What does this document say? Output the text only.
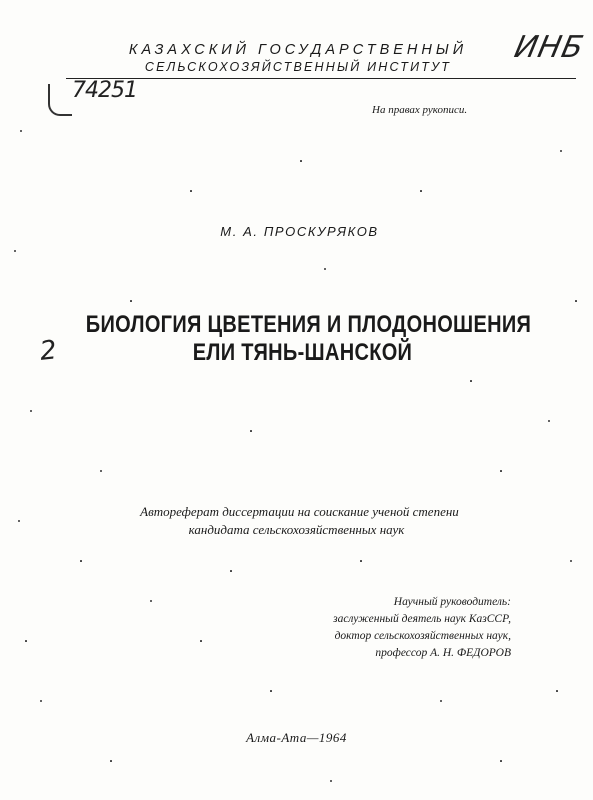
КАЗАХСКИЙ ГОСУДАРСТВЕННЫЙ
СЕЛЬСКОХОЗЯЙСТВЕННЫЙ ИНСТИТУТ
ИНБ
74251
На правах рукописи.
М. А. ПРОСКУРЯКОВ
2
БИОЛОГИЯ ЦВЕТЕНИЯ И ПЛОДОНОШЕНИЯ
ЕЛИ ТЯНЬ-ШАНСКОЙ
Автореферат диссертации на соискание ученой степени
кандидата сельскохозяйственных наук
Научный руководитель:
заслуженный деятель наук КазССР,
доктор сельскохозяйственных наук,
профессор А. Н. ФЕДОРОВ
Алма-Ата—1964
